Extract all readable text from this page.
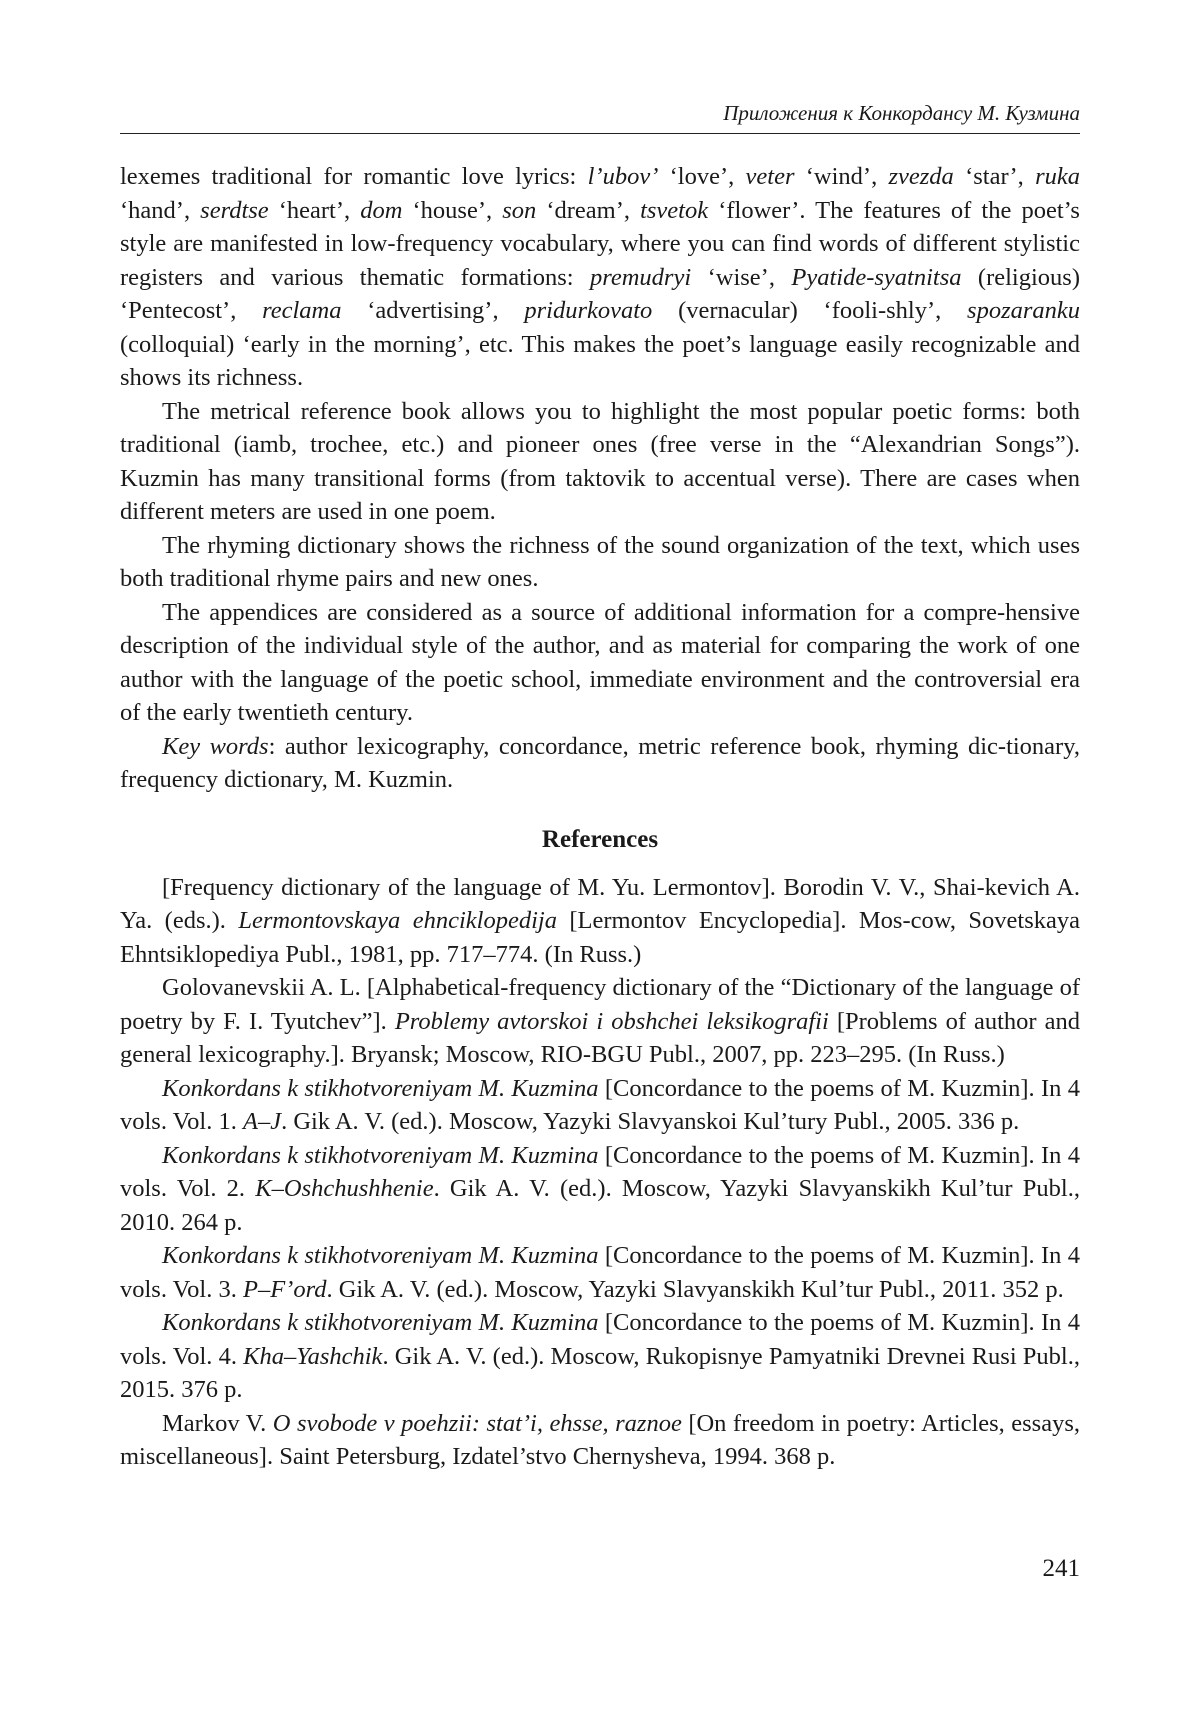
Приложения к Конкордансу М. Кузмина

lexemes traditional for romantic love lyrics: l’ubov’ ‘love’, veter ‘wind’, zvezda ‘star’, ruka ‘hand’, serdtse ‘heart’, dom ‘house’, son ‘dream’, tsvetok ‘flower’. The features of the poet’s style are manifested in low-frequency vocabulary, where you can find words of different stylistic registers and various thematic formations: premudryi ‘wise’, Pyatide-syatnitsa (religious) ‘Pentecost’, reclama ‘advertising’, pridurkovato (vernacular) ‘fooli-shly’, spozaranku (colloquial) ‘early in the morning’, etc. This makes the poet’s language easily recognizable and shows its richness.

The metrical reference book allows you to highlight the most popular poetic forms: both traditional (iamb, trochee, etc.) and pioneer ones (free verse in the “Alexandrian Songs”). Kuzmin has many transitional forms (from taktovik to accentual verse). There are cases when different meters are used in one poem.

The rhyming dictionary shows the richness of the sound organization of the text, which uses both traditional rhyme pairs and new ones.

The appendices are considered as a source of additional information for a compre-hensive description of the individual style of the author, and as material for comparing the work of one author with the language of the poetic school, immediate environment and the controversial era of the early twentieth century.

Key words: author lexicography, concordance, metric reference book, rhyming dic-tionary, frequency dictionary, M. Kuzmin.

References

[Frequency dictionary of the language of M. Yu. Lermontov]. Borodin V. V., Shai-kevich A. Ya. (eds.). Lermontovskaya ehnciklopedija [Lermontov Encyclopedia]. Mos-cow, Sovetskaya Ehntsiklopediya Publ., 1981, pp. 717–774. (In Russ.)

Golovanevskii A. L. [Alphabetical-frequency dictionary of the “Dictionary of the language of poetry by F. I. Tyutchev”]. Problemy avtorskoi i obshchei leksikografii [Problems of author and general lexicography.]. Bryansk; Moscow, RIO-BGU Publ., 2007, pp. 223–295. (In Russ.)

Konkordans k stikhotvoreniyam M. Kuzmina [Concordance to the poems of M. Kuzmin]. In 4 vols. Vol. 1. A–J. Gik A. V. (ed.). Moscow, Yazyki Slavyanskoi Kul’tury Publ., 2005. 336 p.

Konkordans k stikhotvoreniyam M. Kuzmina [Concordance to the poems of M. Kuzmin]. In 4 vols. Vol. 2. K–Oshchushhenie. Gik A. V. (ed.). Moscow, Yazyki Slavyanskikh Kul’tur Publ., 2010. 264 p.

Konkordans k stikhotvoreniyam M. Kuzmina [Concordance to the poems of M. Kuzmin]. In 4 vols. Vol. 3. P–F’ord. Gik A. V. (ed.). Moscow, Yazyki Slavyanskikh Kul’tur Publ., 2011. 352 p.

Konkordans k stikhotvoreniyam M. Kuzmina [Concordance to the poems of M. Kuzmin]. In 4 vols. Vol. 4. Kha–Yashchik. Gik A. V. (ed.). Moscow, Rukopisnye Pamyatniki Drevnei Rusi Publ., 2015. 376 p.

Markov V. O svobode v poehzii: stat’i, ehsse, raznoe [On freedom in poetry: Articles, essays, miscellaneous]. Saint Petersburg, Izdatel’stvo Chernysheva, 1994. 368 p.

241
